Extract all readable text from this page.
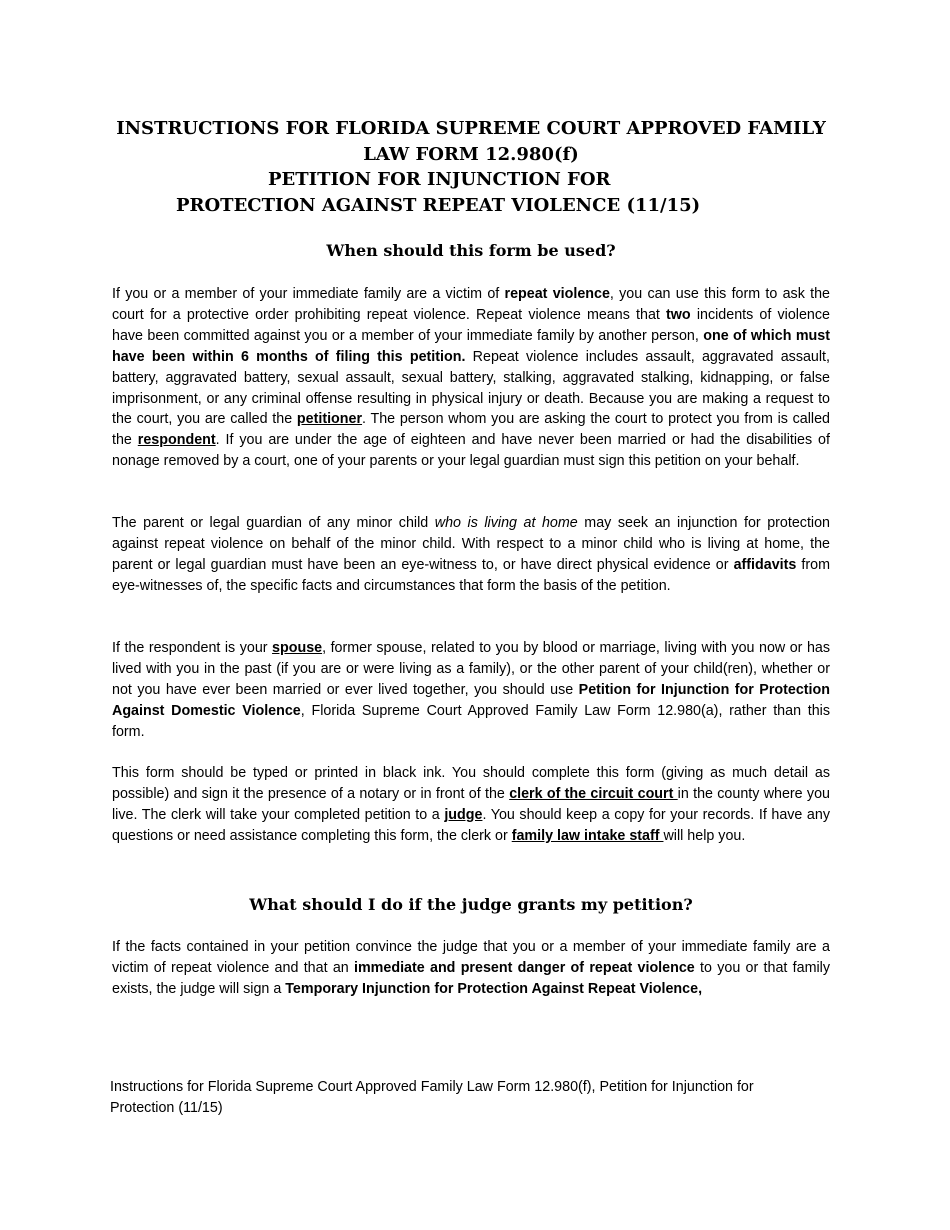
INSTRUCTIONS FOR FLORIDA SUPREME COURT APPROVED FAMILY
LAW FORM 12.980(f)
PETITION FOR INJUNCTION FOR
PROTECTION AGAINST REPEAT VIOLENCE (11/15)
When should this form be used?
If you or a member of your immediate family are a victim of repeat violence, you can use this form to ask the court for a protective order prohibiting repeat violence. Repeat violence means that two incidents of violence have been committed against you or a member of your immediate family by another person, one of which must have been within 6 months of filing this petition. Repeat violence includes assault, aggravated assault, battery, aggravated battery, sexual assault, sexual battery, stalking, aggravated stalking, kidnapping, or false imprisonment, or any criminal offense resulting in physical injury or death. Because you are making a request to the court, you are called the petitioner. The person whom you are asking the court to protect you from is called the respondent. If you are under the age of eighteen and have never been married or had the disabilities of nonage removed by a court, one of your parents or your legal guardian must sign this petition on your behalf.
The parent or legal guardian of any minor child who is living at home may seek an injunction for protection against repeat violence on behalf of the minor child. With respect to a minor child who is living at home, the parent or legal guardian must have been an eye-witness to, or have direct physical evidence or affidavits from eye-witnesses of, the specific facts and circumstances that form the basis of the petition.
If the respondent is your spouse, former spouse, related to you by blood or marriage, living with you now or has lived with you in the past (if you are or were living as a family), or the other parent of your child(ren), whether or not you have ever been married or ever lived together, you should use Petition for Injunction for Protection Against Domestic Violence, Florida Supreme Court Approved Family Law Form 12.980(a), rather than this form.
This form should be typed or printed in black ink. You should complete this form (giving as much detail as possible) and sign it the presence of a notary or in front of the clerk of the circuit court in the county where you live. The clerk will take your completed petition to a judge. You should keep a copy for your records. If have any questions or need assistance completing this form, the clerk or family law intake staff will help you.
What should I do if the judge grants my petition?
If the facts contained in your petition convince the judge that you or a member of your immediate family are a victim of repeat violence and that an immediate and present danger of repeat violence to you or that family exists, the judge will sign a Temporary Injunction for Protection Against Repeat Violence,
Instructions for Florida Supreme Court Approved Family Law Form 12.980(f), Petition for Injunction for
Protection (11/15)
